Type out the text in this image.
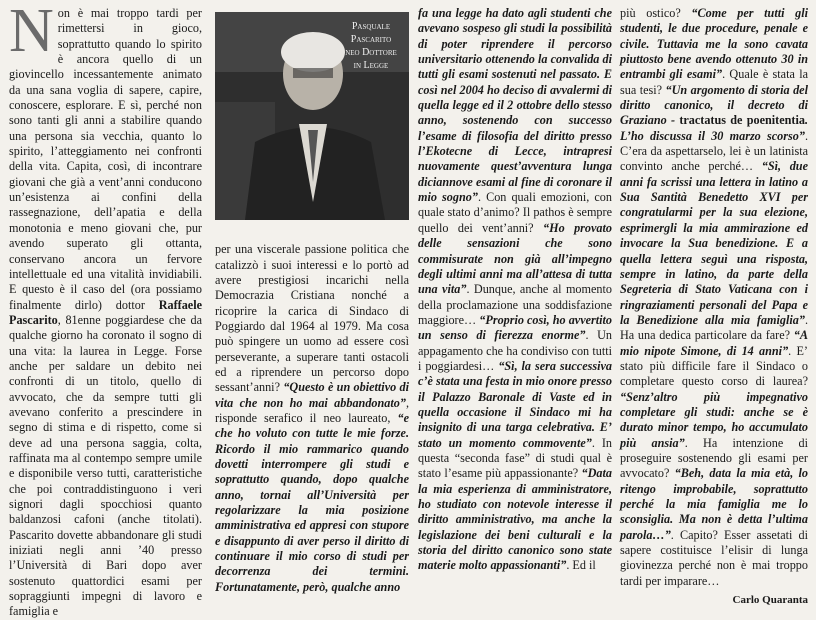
Non è mai troppo tardi per rimettersi in gioco, soprattutto quando lo spirito è ancora quello di un giovincello incessantemente animato da una sana voglia di sapere, capire, conoscere, esplorare. E sì, perché non sono tanti gli anni a stabilire quando una persona sia vecchia, quanto lo spirito, l’atteggiamento nei confronti della vita. Capita, così, di incontrare giovani che già a vent’anni conducono un’esistenza ai confini della rassegnazione, dell’apatia e della monotonia e meno giovani che, pur avendo superato gli ottanta, conservano ancora un fervore intellettuale ed una vitalità invidiabili. E questo è il caso del (ora possiamo finalmente dirlo) dottor Raffaele Pascarito, 81enne poggiardese che da qualche giorno ha coronato il sogno di una vita: la laurea in Legge. Forse anche per saldare un debito nei confronti di un titolo, quello di avvocato, che da sempre tutti gli avevano conferito a prescindere in segno di stima e di rispetto, come si deve ad una persona saggia, colta, raffinata ma al contempo sempre umile e disponibile verso tutti, caratteristiche che poi contraddistinguono i veri signori dagli spocchiosi quanto baldanzosi cafoni (anche titolati). Pascarito dovette abbandonare gli studi iniziati negli anni ’40 presso l’Università di Bari dopo aver sostenuto quattordici esami per sopraggiunti impegni di lavoro e famiglia e

Pasquale
Pascarito
neo Dottore
in Legge

per una viscerale passione politica che catalizzò i suoi interessi e lo portò ad avere prestigiosi incarichi nella Democrazia Cristiana nonché a ricoprire la carica di Sindaco di Poggiardo dal 1964 al 1979. Ma cosa può spingere un uomo ad essere così perseverante, a superare tanti ostacoli ed a riprendere un percorso dopo sessant’anni? “Questo è un obiettivo di vita che non ho mai abbandonato”, risponde serafico il neo laureato, “e che ho voluto con tutte le mie forze. Ricordo il mio rammarico quando dovetti interrompere gli studi e soprattutto quando, dopo qualche anno, tornai all’Università per regolarizzare la mia posizione amministrativa ed appresi con stupore e disappunto di aver perso il diritto di continuare il mio corso di studi per decorrenza dei termini. Fortunatamente, però, qualche anno

fa una legge ha dato agli studenti che avevano sospeso gli studi la possibilità di poter riprendere il percorso universitario ottenendo la convalida di tutti gli esami sostenuti nel passato. E così nel 2004 ho deciso di avvalermi di quella legge ed il 2 ottobre dello stesso anno, sostenendo con successo l’esame di filosofia del diritto presso l’Ekotecne di Lecce, intrapresi nuovamente quest’avventura lunga diciannove esami al fine di coronare il mio sogno”. Con quali emozioni, con quale stato d’animo? Il pathos è sempre quello dei vent’anni? “Ho provato delle sensazioni che sono commisurate non già all’impegno degli ultimi anni ma all’attesa di tutta una vita”. Dunque, anche al momento della proclamazione una soddisfazione maggiore… “Proprio così, ho avvertito un senso di fierezza enorme”. Un appagamento che ha condiviso con tutti i poggiardesi… “Sì, la sera successiva c’è stata una festa in mio onore presso il Palazzo Baronale di Vaste ed in quella occasione il Sindaco mi ha insignito di una targa celebrativa. E’ stato un momento commovente”. In questa “seconda fase” di studi qual è stato l’esame più appassionante? “Data la mia esperienza di amministratore, ho studiato con notevole interesse il diritto amministrativo, ma anche la legislazione dei beni culturali e la storia del diritto canonico sono state materie molto appassionanti”. Ed il

più ostico? “Come per tutti gli studenti, le due procedure, penale e civile. Tuttavia me la sono cavata piuttosto bene avendo ottenuto 30 in entrambi gli esami”. Quale è stata la sua tesi? “Un argomento di storia del diritto canonico, il decreto di Graziano - tractatus de poenitentia. L’ho discussa il 30 marzo scorso”. C’era da aspettarselo, lei è un latinista convinto anche perché… “Sì, due anni fa scrissi una lettera in latino a Sua Santità Benedetto XVI per congratularmi per la sua elezione, esprimergli la mia ammirazione ed invocare la Sua benedizione. E a quella lettera seguì una risposta, sempre in latino, da parte della Segreteria di Stato Vaticana con i ringraziamenti personali del Papa e la Benedizione alla mia famiglia”. Ha una dedica particolare da fare? “A mio nipote Simone, di 14 anni”. E’ stato più difficile fare il Sindaco o completare questo corso di laurea? “Senz’altro più impegnativo completare gli studi: anche se è durato minor tempo, ho accumulato più ansia”. Ha intenzione di proseguire sostenendo gli esami per avvocato? “Beh, data la mia età, lo ritengo improbabile, soprattutto perché la mia famiglia me lo sconsiglia. Ma non è detta l’ultima parola…”. Capito? Esser assetati di sapere costituisce l’elisir di lunga giovinezza perché non è mai troppo tardi per imparare…

Carlo Quaranta
